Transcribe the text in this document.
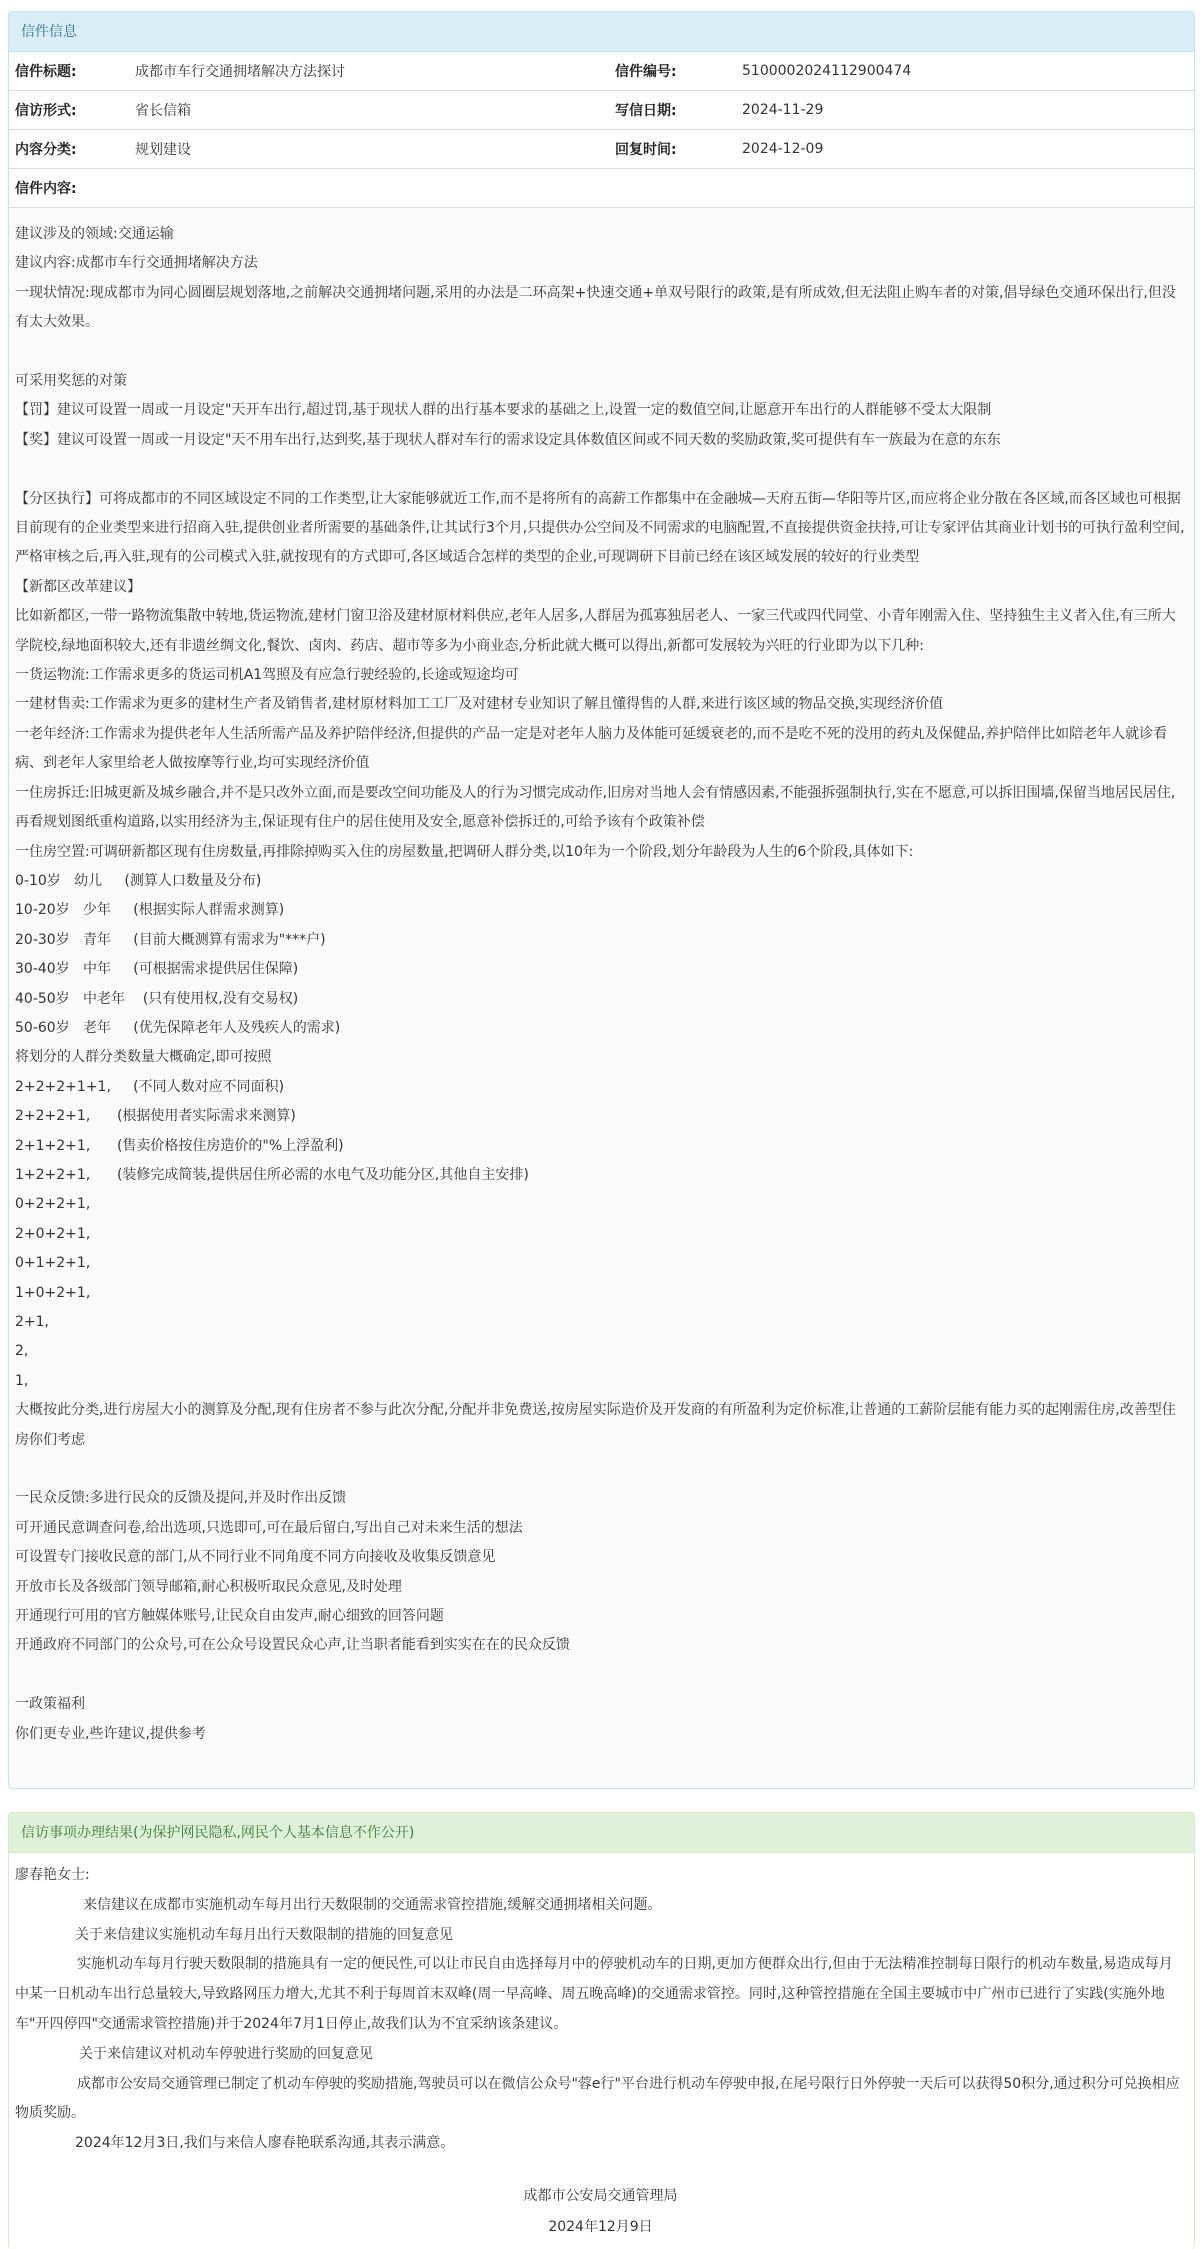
信件信息
信件标题:	成都市车行交通拥堵解决方法探讨	信件编号:	5100002024112900474
信访形式:	省长信箱	写信日期:	2024-11-29
内容分类:	规划建设	回复时间:	2024-12-09
信件内容:			

建议涉及的领域:交通运输

建议内容:成都市车行交通拥堵解决方法

一现状情况:现成都市为同心圆圈层规划落地,之前解决交通拥堵问题,采用的办法是二环高架+快速交通+单双号限行的政策,是有所成效,但无法阻止购车者的对策,倡导绿色交通环保出行,但没有太大效果。

可采用奖惩的对策

【罚】建议可设置一周或一月设定"天开车出行,超过罚,基于现状人群的出行基本要求的基础之上,设置一定的数值空间,让愿意开车出行的人群能够不受太大限制

【奖】建议可设置一周或一月设定"天不用车出行,达到奖,基于现状人群对车行的需求设定具体数值区间或不同天数的奖励政策,奖可提供有车一族最为在意的东东

【分区执行】可将成都市的不同区域设定不同的工作类型,让大家能够就近工作,而不是将所有的高薪工作都集中在金融城—天府五街—华阳等片区,而应将企业分散在各区域,而各区域也可根据目前现有的企业类型来进行招商入驻,提供创业者所需要的基础条件,让其试行3个月,只提供办公空间及不同需求的电脑配置,不直接提供资金扶持,可让专家评估其商业计划书的可执行盈利空间,严格审核之后,再入驻,现有的公司模式入驻,就按现有的方式即可,各区域适合怎样的类型的企业,可现调研下目前已经在该区域发展的较好的行业类型

【新都区改革建议】

比如新都区,一带一路物流集散中转地,货运物流,建材门窗卫浴及建材原材料供应,老年人居多,人群居为孤寡独居老人、一家三代或四代同堂、小青年刚需入住、坚持独生主义者入住,有三所大学院校,绿地面积较大,还有非遗丝绸文化,餐饮、卤肉、药店、超市等多为小商业态,分析此就大概可以得出,新都可发展较为兴旺的行业即为以下几种:

一货运物流:工作需求更多的货运司机A1驾照及有应急行驶经验的,长途或短途均可

一建材售卖:工作需求为更多的建材生产者及销售者,建材原材料加工工厂及对建材专业知识了解且懂得售的人群,来进行该区域的物品交换,实现经济价值

一老年经济:工作需求为提供老年人生活所需产品及养护陪伴经济,但提供的产品一定是对老年人脑力及体能可延缓衰老的,而不是吃不死的没用的药丸及保健品,养护陪伴比如陪老年人就诊看病、到老年人家里给老人做按摩等行业,均可实现经济价值

一住房拆迁:旧城更新及城乡融合,并不是只改外立面,而是要改空间功能及人的行为习惯完成动作,旧房对当地人会有情感因素,不能强拆强制执行,实在不愿意,可以拆旧围墙,保留当地居民居住,再看规划图纸重构道路,以实用经济为主,保证现有住户的居住使用及安全,愿意补偿拆迁的,可给予该有个政策补偿

一住房空置:可调研新都区现有住房数量,再排除掉购买入住的房屋数量,把调研人群分类,以10年为一个阶段,划分年龄段为人生的6个阶段,具体如下:

0-10岁   幼儿     (测算人口数量及分布)

10-20岁   少年     (根据实际人群需求测算)

20-30岁   青年     (目前大概测算有需求为"***户)

30-40岁   中年     (可根据需求提供居住保障)

40-50岁   中老年    (只有使用权,没有交易权)

50-60岁   老年     (优先保障老年人及残疾人的需求)

将划分的人群分类数量大概确定,即可按照

2+2+2+1+1,     (不同人数对应不同面积)

2+2+2+1,      (根据使用者实际需求来测算)

2+1+2+1,      (售卖价格按住房造价的"%上浮盈利)

1+2+2+1,      (装修完成简装,提供居住所必需的水电气及功能分区,其他自主安排)

0+2+2+1,

2+0+2+1,

0+1+2+1,

1+0+2+1,

2+1,

2,

1,

大概按此分类,进行房屋大小的测算及分配,现有住房者不参与此次分配,分配并非免费送,按房屋实际造价及开发商的有所盈利为定价标准,让普通的工薪阶层能有能力买的起刚需住房,改善型住房你们考虑

一民众反馈:多进行民众的反馈及提问,并及时作出反馈

可开通民意调查问卷,给出选项,只选即可,可在最后留白,写出自己对未来生活的想法

可设置专门接收民意的部门,从不同行业不同角度不同方向接收及收集反馈意见

开放市长及各级部门领导邮箱,耐心积极听取民众意见,及时处理

开通现行可用的官方触媒体账号,让民众自由发声,耐心细致的回答问题

开通政府不同部门的公众号,可在公众号设置民众心声,让当职者能看到实实在在的民众反馈

一政策福利

你们更专业,些许建议,提供参考

信访事项办理结果(为保护网民隐私,网民个人基本信息不作公开)

廖春艳女士:

来信建议在成都市实施机动车每月出行天数限制的交通需求管控措施,缓解交通拥堵相关问题。

关于来信建议实施机动车每月出行天数限制的措施的回复意见

实施机动车每月行驶天数限制的措施具有一定的便民性,可以让市民自由选择每月中的停驶机动车的日期,更加方便群众出行,但由于无法精准控制每日限行的机动车数量,易造成每月中某一日机动车出行总量较大,导致路网压力增大,尤其不利于每周首末双峰(周一早高峰、周五晚高峰)的交通需求管控。同时,这种管控措施在全国主要城市中广州市已进行了实践(实施外地车"开四停四"交通需求管控措施)并于2024年7月1日停止,故我们认为不宜采纳该条建议。

关于来信建议对机动车停驶进行奖励的回复意见

成都市公安局交通管理已制定了机动车停驶的奖励措施,驾驶员可以在微信公众号"蓉e行"平台进行机动车停驶申报,在尾号限行日外停驶一天后可以获得50积分,通过积分可兑换相应物质奖励。

2024年12月3日,我们与来信人廖春艳联系沟通,其表示满意。

成都市公安局交通管理局
2024年12月9日
